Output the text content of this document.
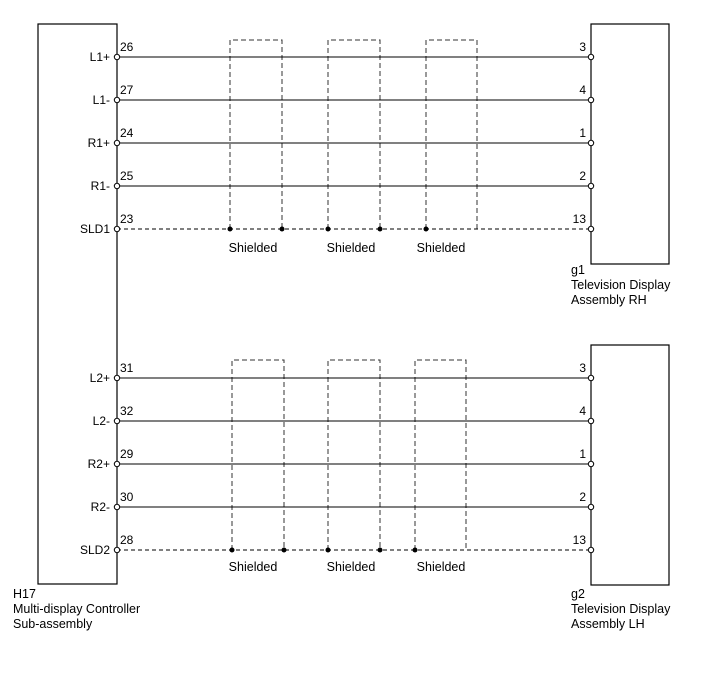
L1+
L1-
R1+
R1-
SLD1
26
27
24
25
23
3
4
1
2
13
Shielded	Shielded	Shielded
L2+
L2-
R2+
R2-
SLD2
31
32
29
30
28
3
4
1
2
13
Shielded	Shielded	Shielded
H17
Multi-display Controller
Sub-assembly
g1
Television Display
Assembly RH
g2
Television Display
Assembly LH
